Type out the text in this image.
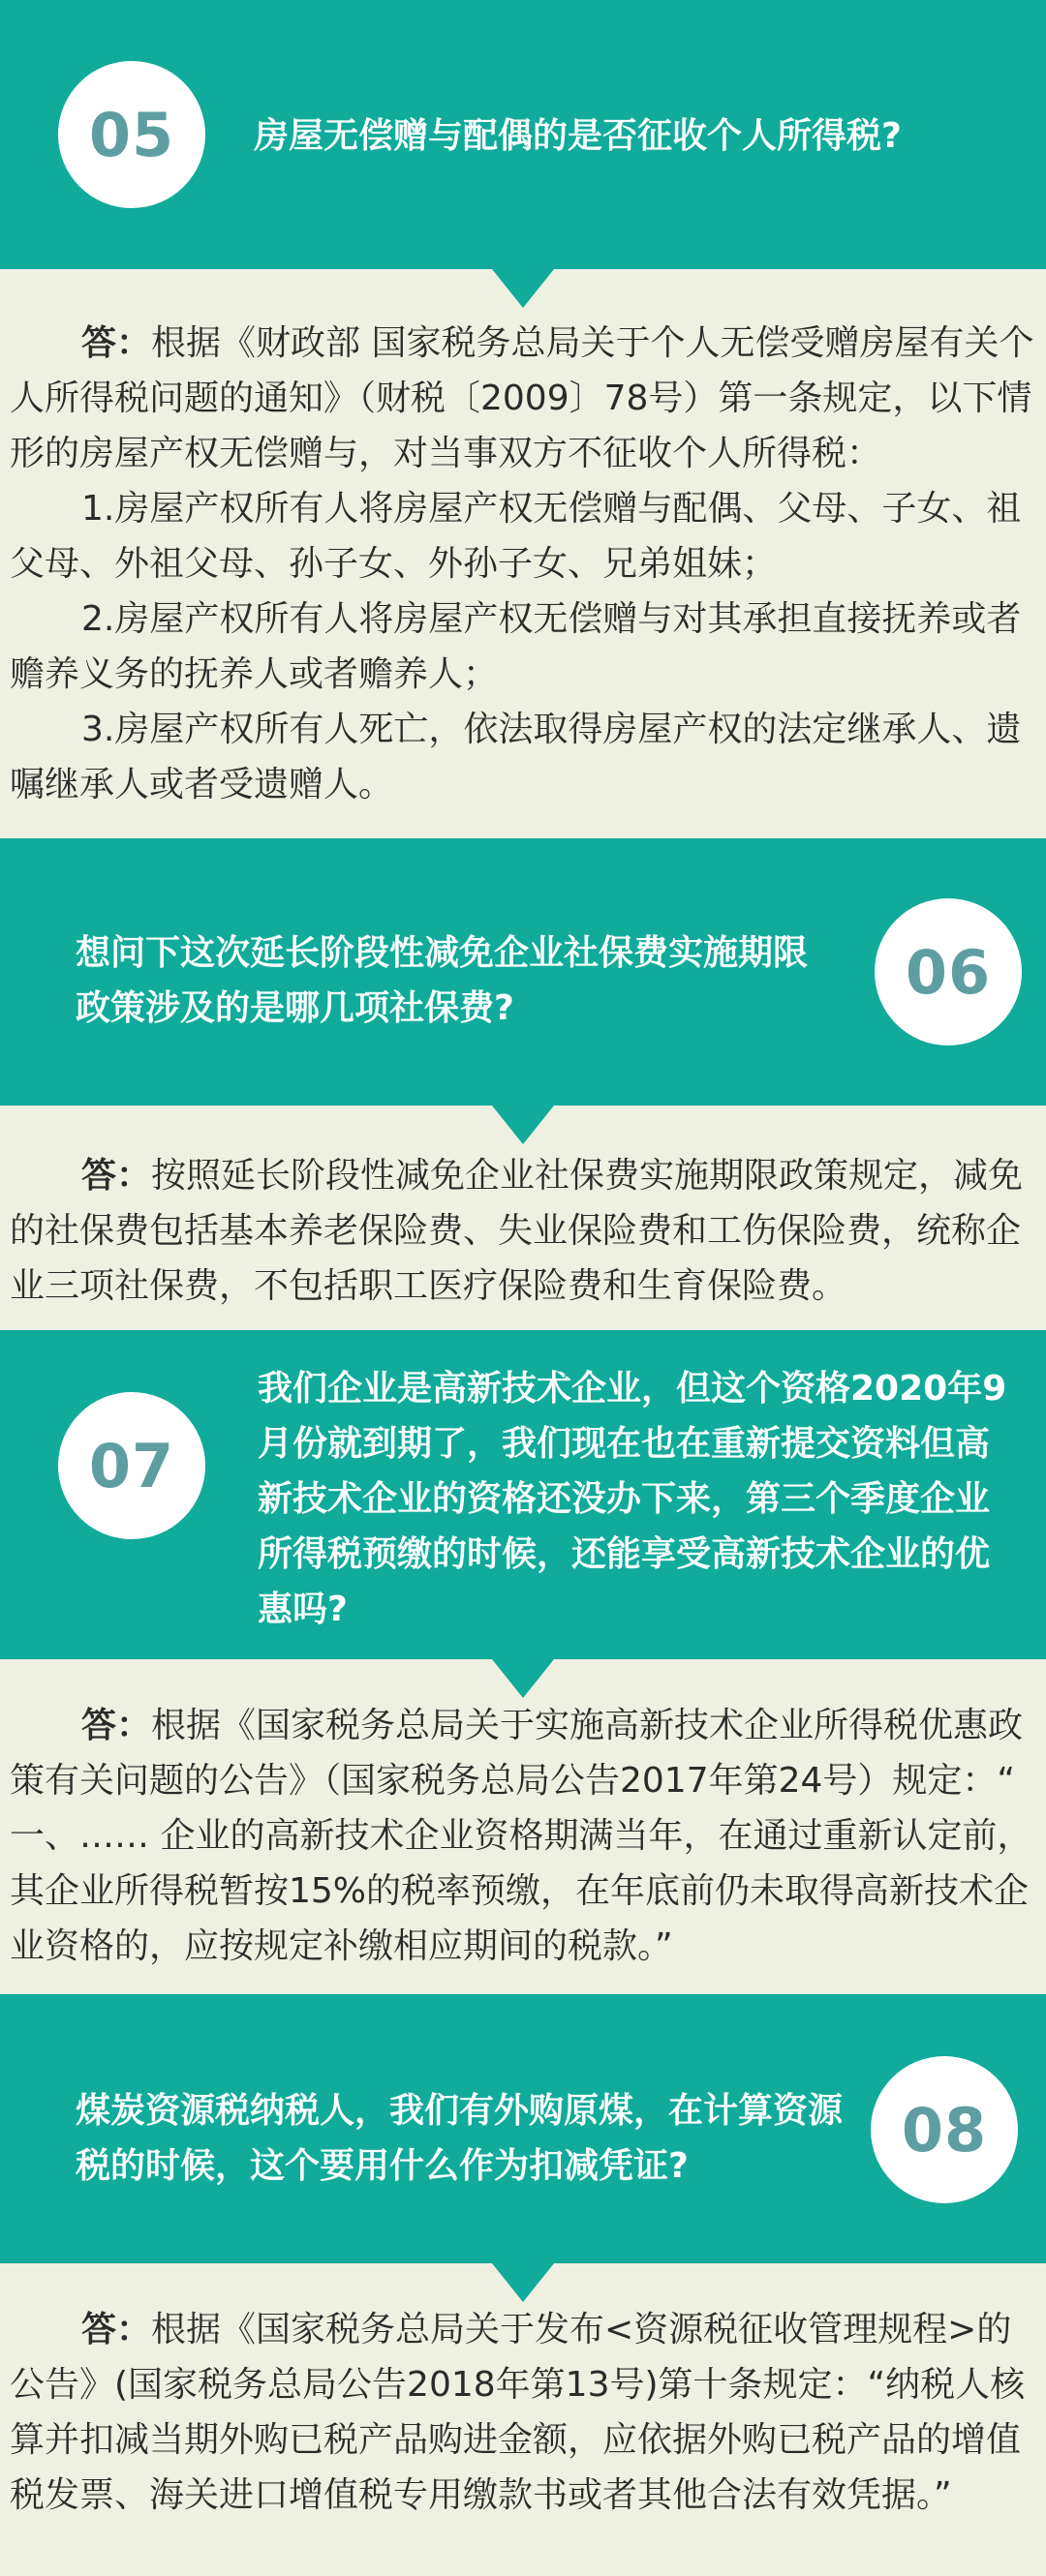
05	房屋无偿赠与配偶的是否征收个人所得税?

答：根据《财政部 国家税务总局关于个人无偿受赠房屋有关个人所得税问题的通知》（财税〔2009〕78号）第一条规定，以下情形的房屋产权无偿赠与，对当事双方不征收个人所得税：

1.房屋产权所有人将房屋产权无偿赠与配偶、父母、子女、祖父母、外祖父母、孙子女、外孙子女、兄弟姐妹；

2.房屋产权所有人将房屋产权无偿赠与对其承担直接抚养或者赡养义务的抚养人或者赡养人；

3.房屋产权所有人死亡，依法取得房屋产权的法定继承人、遗嘱继承人或者受遗赠人。

想问下这次延长阶段性减免企业社保费实施期限政策涉及的是哪几项社保费?

06

答：按照延长阶段性减免企业社保费实施期限政策规定，减免的社保费包括基本养老保险费、失业保险费和工伤保险费，统称企业三项社保费，不包括职工医疗保险费和生育保险费。

07

我们企业是高新技术企业，但这个资格2020年9月份就到期了，我们现在也在重新提交资料但高新技术企业的资格还没办下来，第三个季度企业所得税预缴的时候，还能享受高新技术企业的优惠吗?

答：根据《国家税务总局关于实施高新技术企业所得税优惠政策有关问题的公告》（国家税务总局公告2017年第24号）规定：“ 一、…… 企业的高新技术企业资格期满当年，在通过重新认定前，其企业所得税暂按15%的税率预缴，在年底前仍未取得高新技术企业资格的，应按规定补缴相应期间的税款。”

煤炭资源税纳税人，我们有外购原煤，在计算资源税的时候，这个要用什么作为扣减凭证?

08

答：根据《国家税务总局关于发布<资源税征收管理规程>的公告》(国家税务总局公告2018年第13号)第十条规定：“纳税人核算并扣减当期外购已税产品购进金额，应依据外购已税产品的增值税发票、海关进口增值税专用缴款书或者其他合法有效凭据。”
